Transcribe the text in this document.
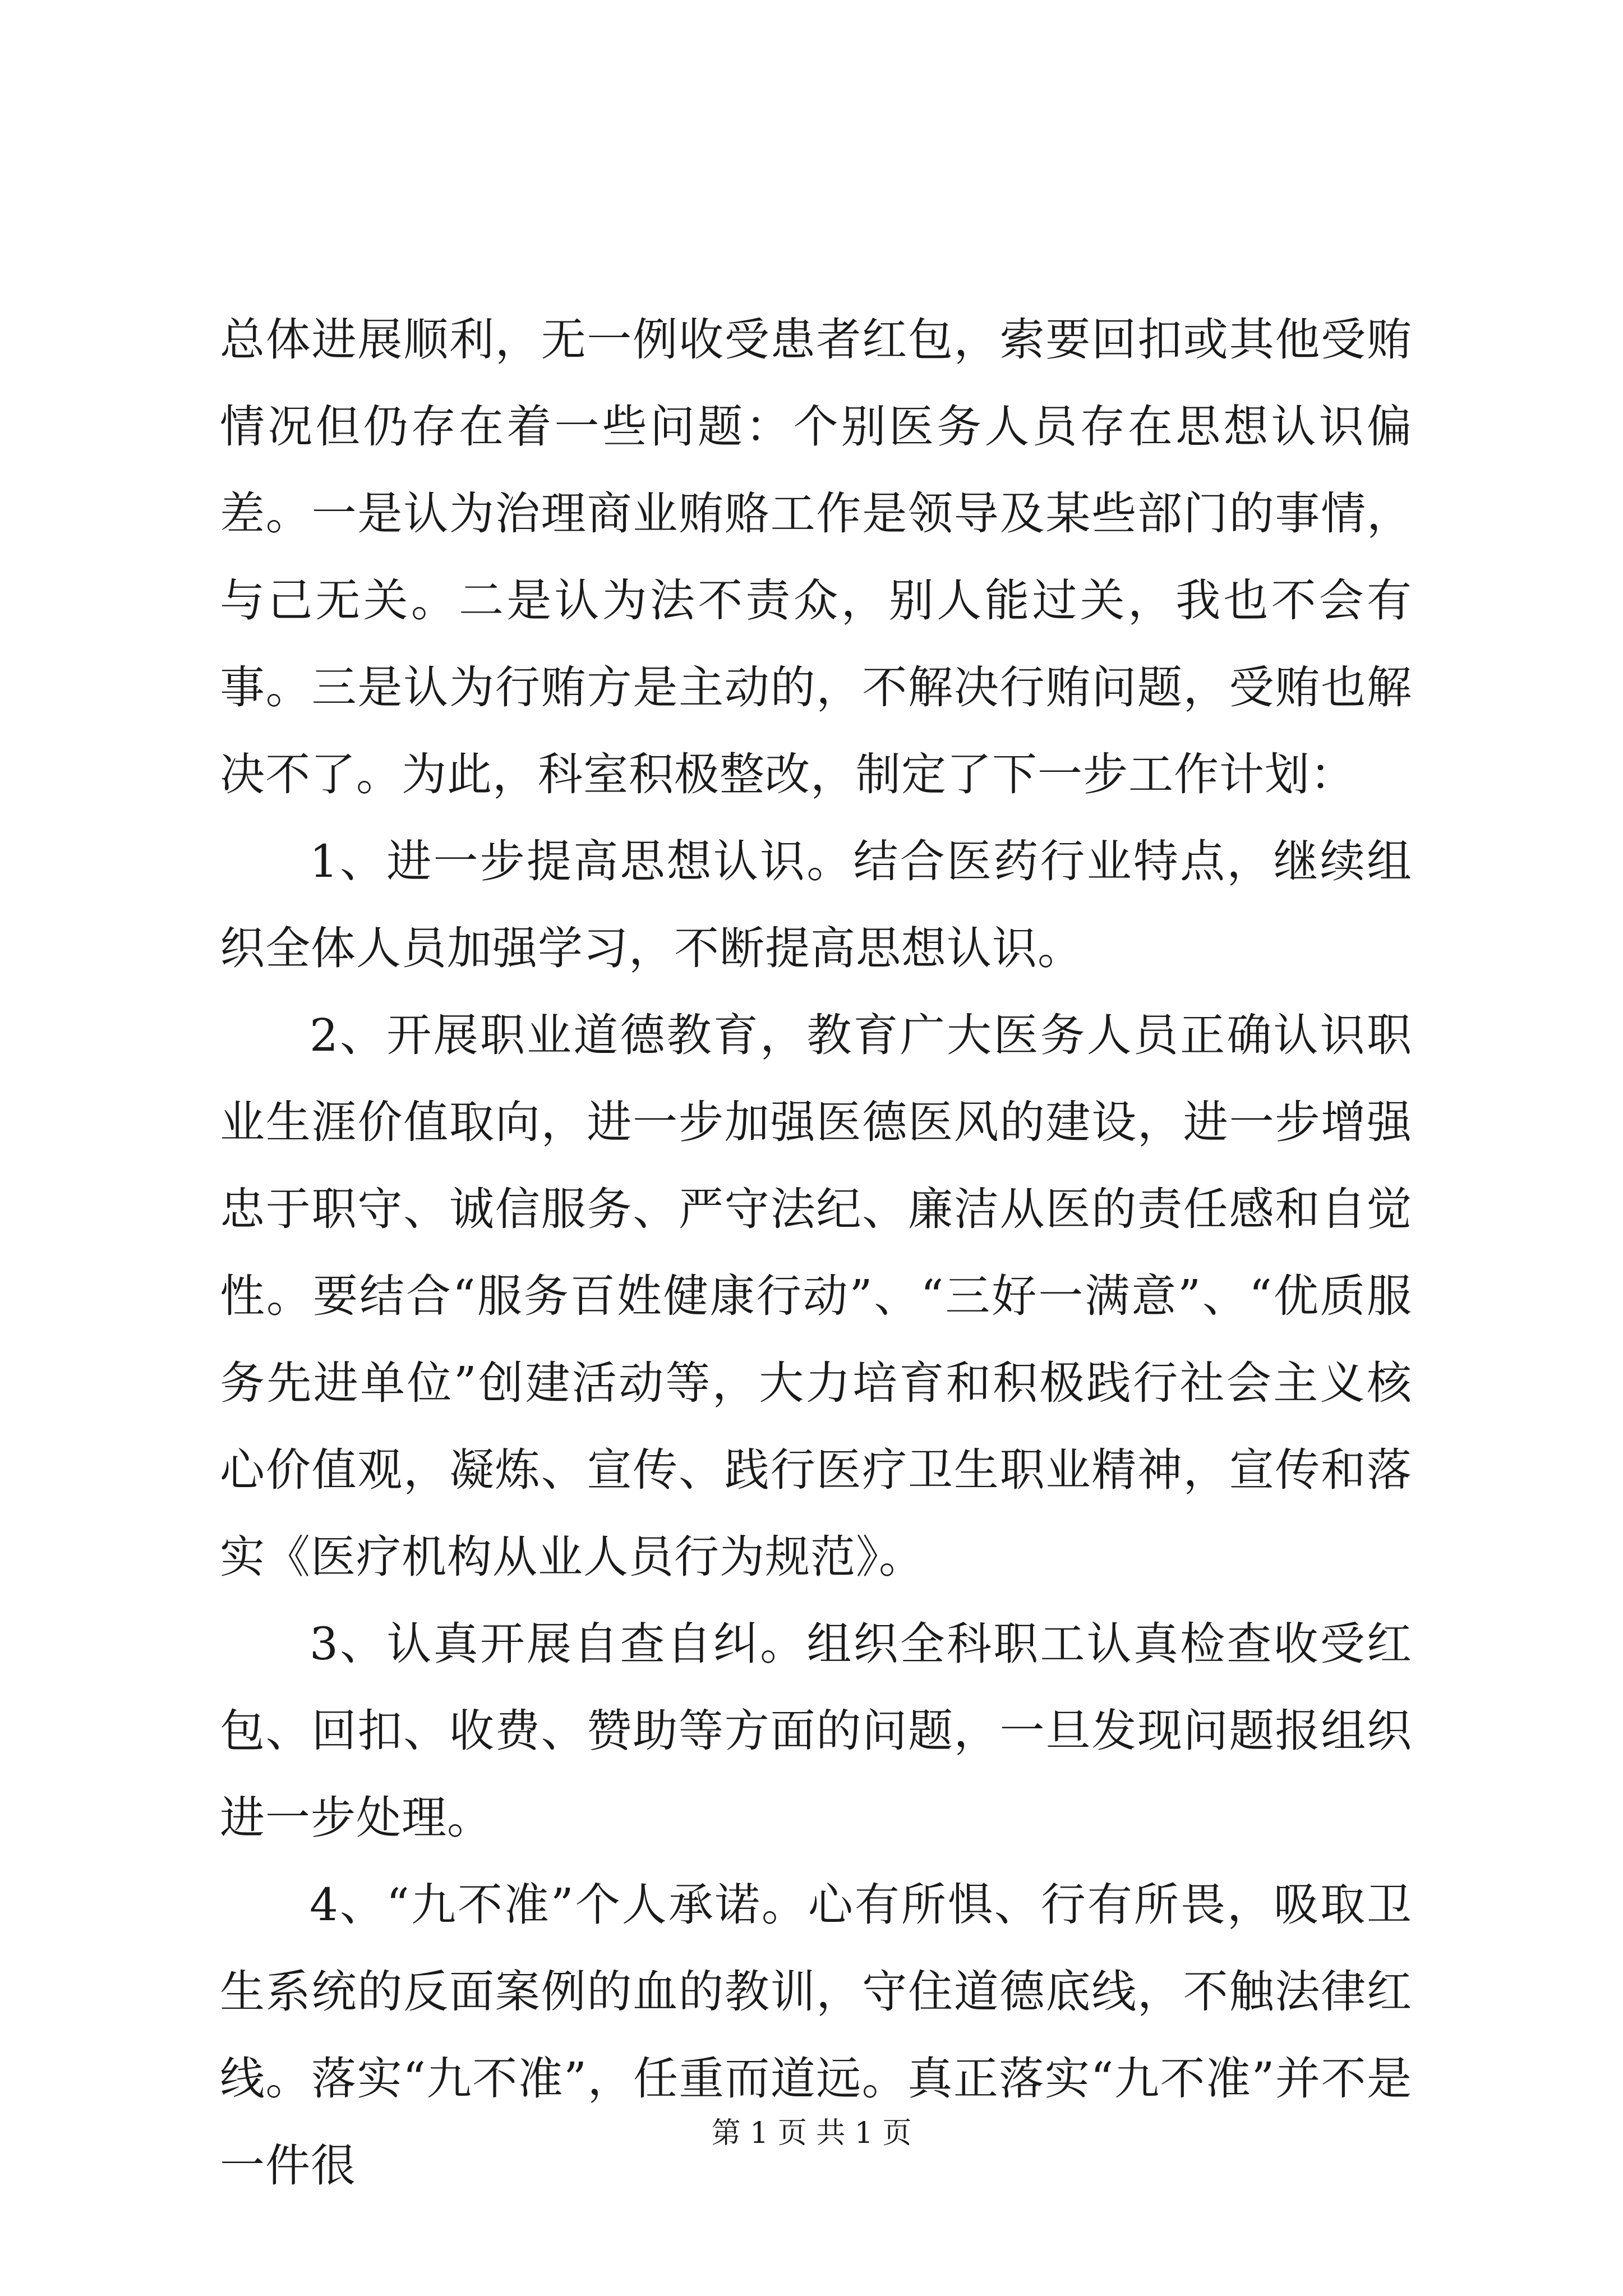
总体进展顺利，无一例收受患者红包，索要回扣或其他受贿情况但仍存在着一些问题：个别医务人员存在思想认识偏差。一是认为治理商业贿赂工作是领导及某些部门的事情，与己无关。二是认为法不责众，别人能过关，我也不会有事。三是认为行贿方是主动的，不解决行贿问题，受贿也解决不了。为此，科室积极整改，制定了下一步工作计划：

1、进一步提高思想认识。结合医药行业特点，继续组织全体人员加强学习，不断提高思想认识。

2、开展职业道德教育，教育广大医务人员正确认识职业生涯价值取向，进一步加强医德医风的建设，进一步增强忠于职守、诚信服务、严守法纪、廉洁从医的责任感和自觉性。要结合“服务百姓健康行动”、“三好一满意”、“优质服务先进单位”创建活动等，大力培育和积极践行社会主义核心价值观，凝炼、宣传、践行医疗卫生职业精神，宣传和落实《医疗机构从业人员行为规范》。

3、认真开展自查自纠。组织全科职工认真检查收受红包、回扣、收费、赞助等方面的问题，一旦发现问题报组织进一步处理。

4、“九不准”个人承诺。心有所惧、行有所畏，吸取卫生系统的反面案例的血的教训，守住道德底线，不触法律红线。落实“九不准”，任重而道远。真正落实“九不准”并不是一件很

第 1 页 共 1 页
